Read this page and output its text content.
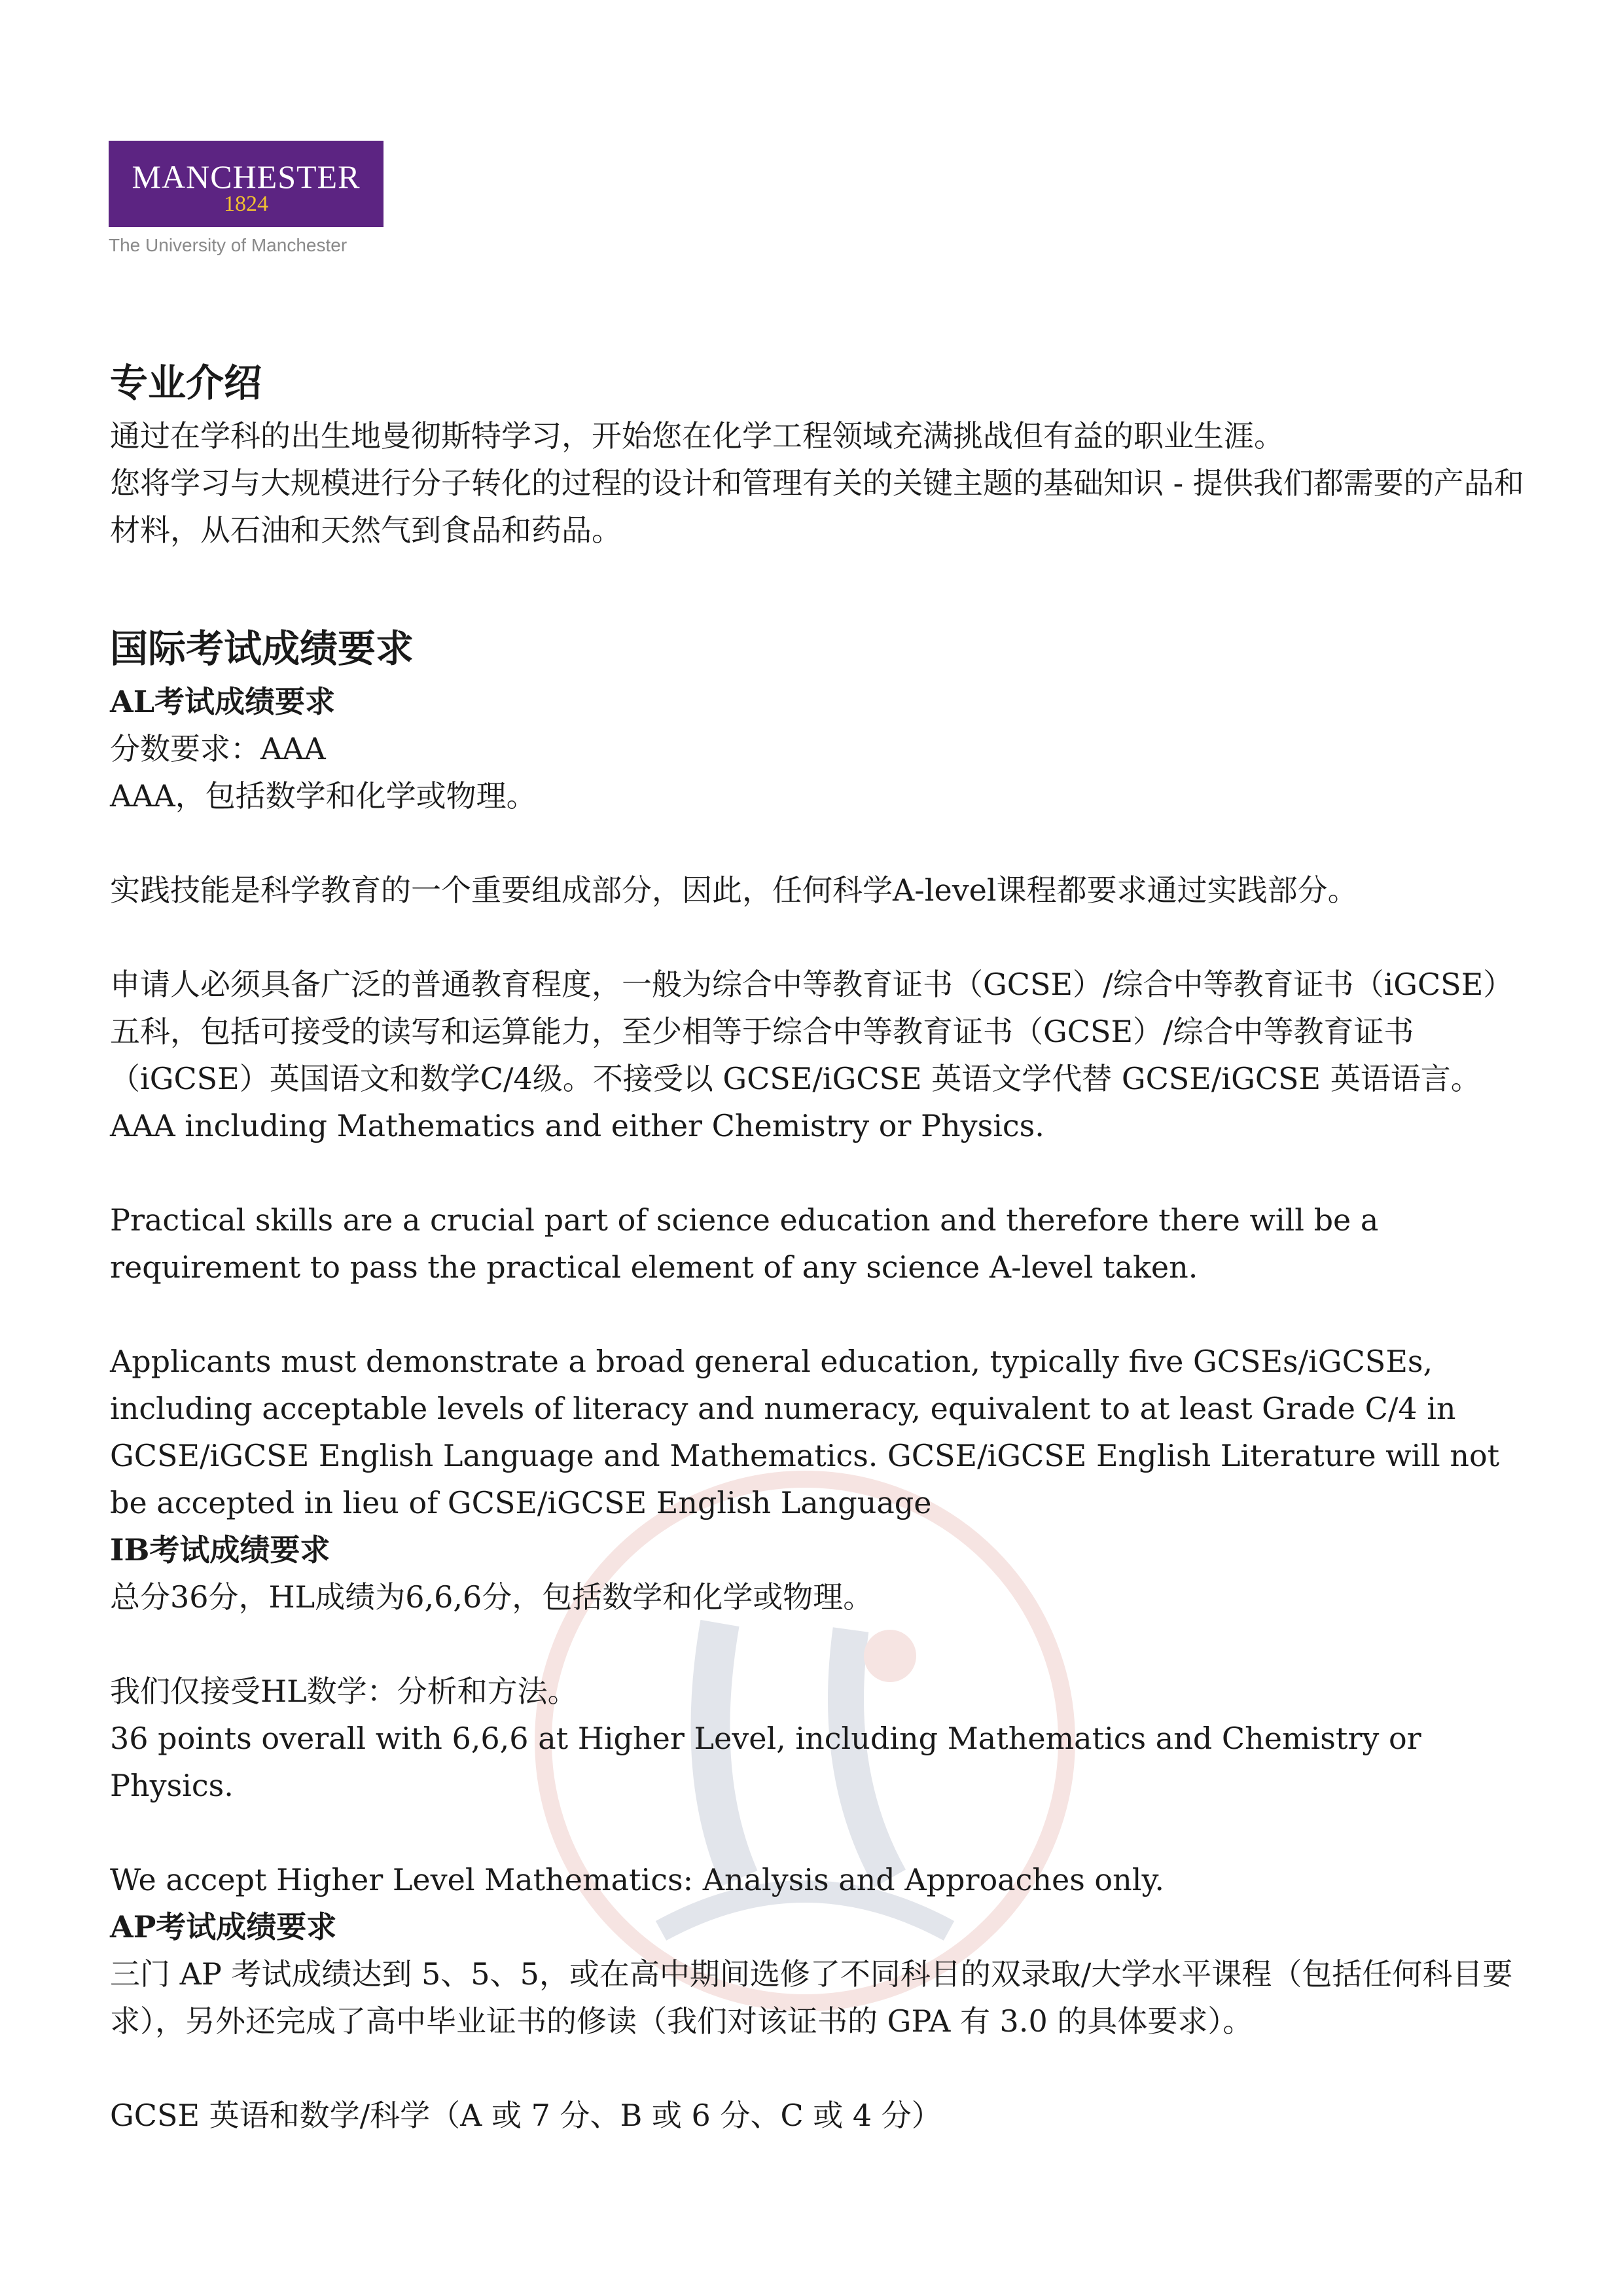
MANCHESTER
1824
The University of Manchester
专业介绍

通过在学科的出生地曼彻斯特学习，开始您在化学工程领域充满挑战但有益的职业生涯。

您将学习与大规模进行分子转化的过程的设计和管理有关的关键主题的基础知识 - 提供我们都需要的产品和材料，从石油和天然气到食品和药品。

国际考试成绩要求
AL考试成绩要求

分数要求：AAA

AAA，包括数学和化学或物理。

实践技能是科学教育的一个重要组成部分，因此，任何科学A-level课程都要求通过实践部分。

申请人必须具备广泛的普通教育程度，一般为综合中等教育证书（GCSE）/综合中等教育证书（iGCSE）五科，包括可接受的读写和运算能力，至少相等于综合中等教育证书（GCSE）/综合中等教育证书（iGCSE）英国语文和数学C/4级。不接受以 GCSE/iGCSE 英语文学代替 GCSE/iGCSE 英语语言。

AAA including Mathematics and either Chemistry or Physics.

Practical skills are a crucial part of science education and therefore there will be a requirement to pass the practical element of any science A-level taken.

Applicants must demonstrate a broad general education, typically five GCSEs/iGCSEs, including acceptable levels of literacy and numeracy, equivalent to at least Grade C/4 in GCSE/iGCSE English Language and Mathematics. GCSE/iGCSE English Literature will not be accepted in lieu of GCSE/iGCSE English Language

IB考试成绩要求

总分36分，HL成绩为6,6,6分，包括数学和化学或物理。

我们仅接受HL数学：分析和方法。

36 points overall with 6,6,6 at Higher Level, including Mathematics and Chemistry or Physics.

We accept Higher Level Mathematics: Analysis and Approaches only.

AP考试成绩要求

三门 AP 考试成绩达到 5、5、5，或在高中期间选修了不同科目的双录取/大学水平课程（包括任何科目要求），另外还完成了高中毕业证书的修读（我们对该证书的 GPA 有 3.0 的具体要求）。

GCSE 英语和数学/科学（A 或 7 分、B 或 6 分、C 或 4 分）
